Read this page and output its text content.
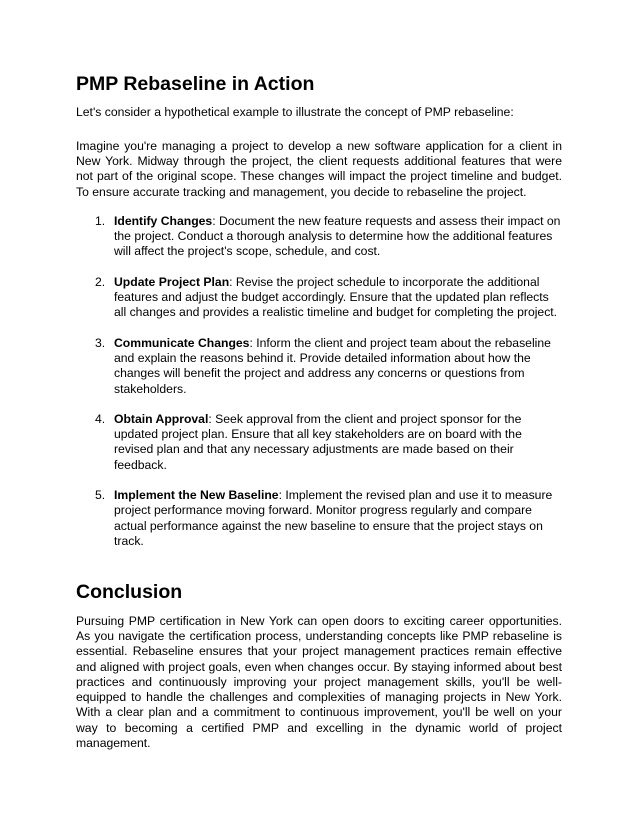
PMP Rebaseline in Action

Let's consider a hypothetical example to illustrate the concept of PMP rebaseline:

Imagine you're managing a project to develop a new software application for a client in New York. Midway through the project, the client requests additional features that were not part of the original scope. These changes will impact the project timeline and budget. To ensure accurate tracking and management, you decide to rebaseline the project.

1. Identify Changes: Document the new feature requests and assess their impact on the project. Conduct a thorough analysis to determine how the additional features will affect the project's scope, schedule, and cost.
2. Update Project Plan: Revise the project schedule to incorporate the additional features and adjust the budget accordingly. Ensure that the updated plan reflects all changes and provides a realistic timeline and budget for completing the project.
3. Communicate Changes: Inform the client and project team about the rebaseline and explain the reasons behind it. Provide detailed information about how the changes will benefit the project and address any concerns or questions from stakeholders.
4. Obtain Approval: Seek approval from the client and project sponsor for the updated project plan. Ensure that all key stakeholders are on board with the revised plan and that any necessary adjustments are made based on their feedback.
5. Implement the New Baseline: Implement the revised plan and use it to measure project performance moving forward. Monitor progress regularly and compare actual performance against the new baseline to ensure that the project stays on track.
Conclusion

Pursuing PMP certification in New York can open doors to exciting career opportunities. As you navigate the certification process, understanding concepts like PMP rebaseline is essential. Rebaseline ensures that your project management practices remain effective and aligned with project goals, even when changes occur. By staying informed about best practices and continuously improving your project management skills, you'll be well-equipped to handle the challenges and complexities of managing projects in New York. With a clear plan and a commitment to continuous improvement, you'll be well on your way to becoming a certified PMP and excelling in the dynamic world of project management.
